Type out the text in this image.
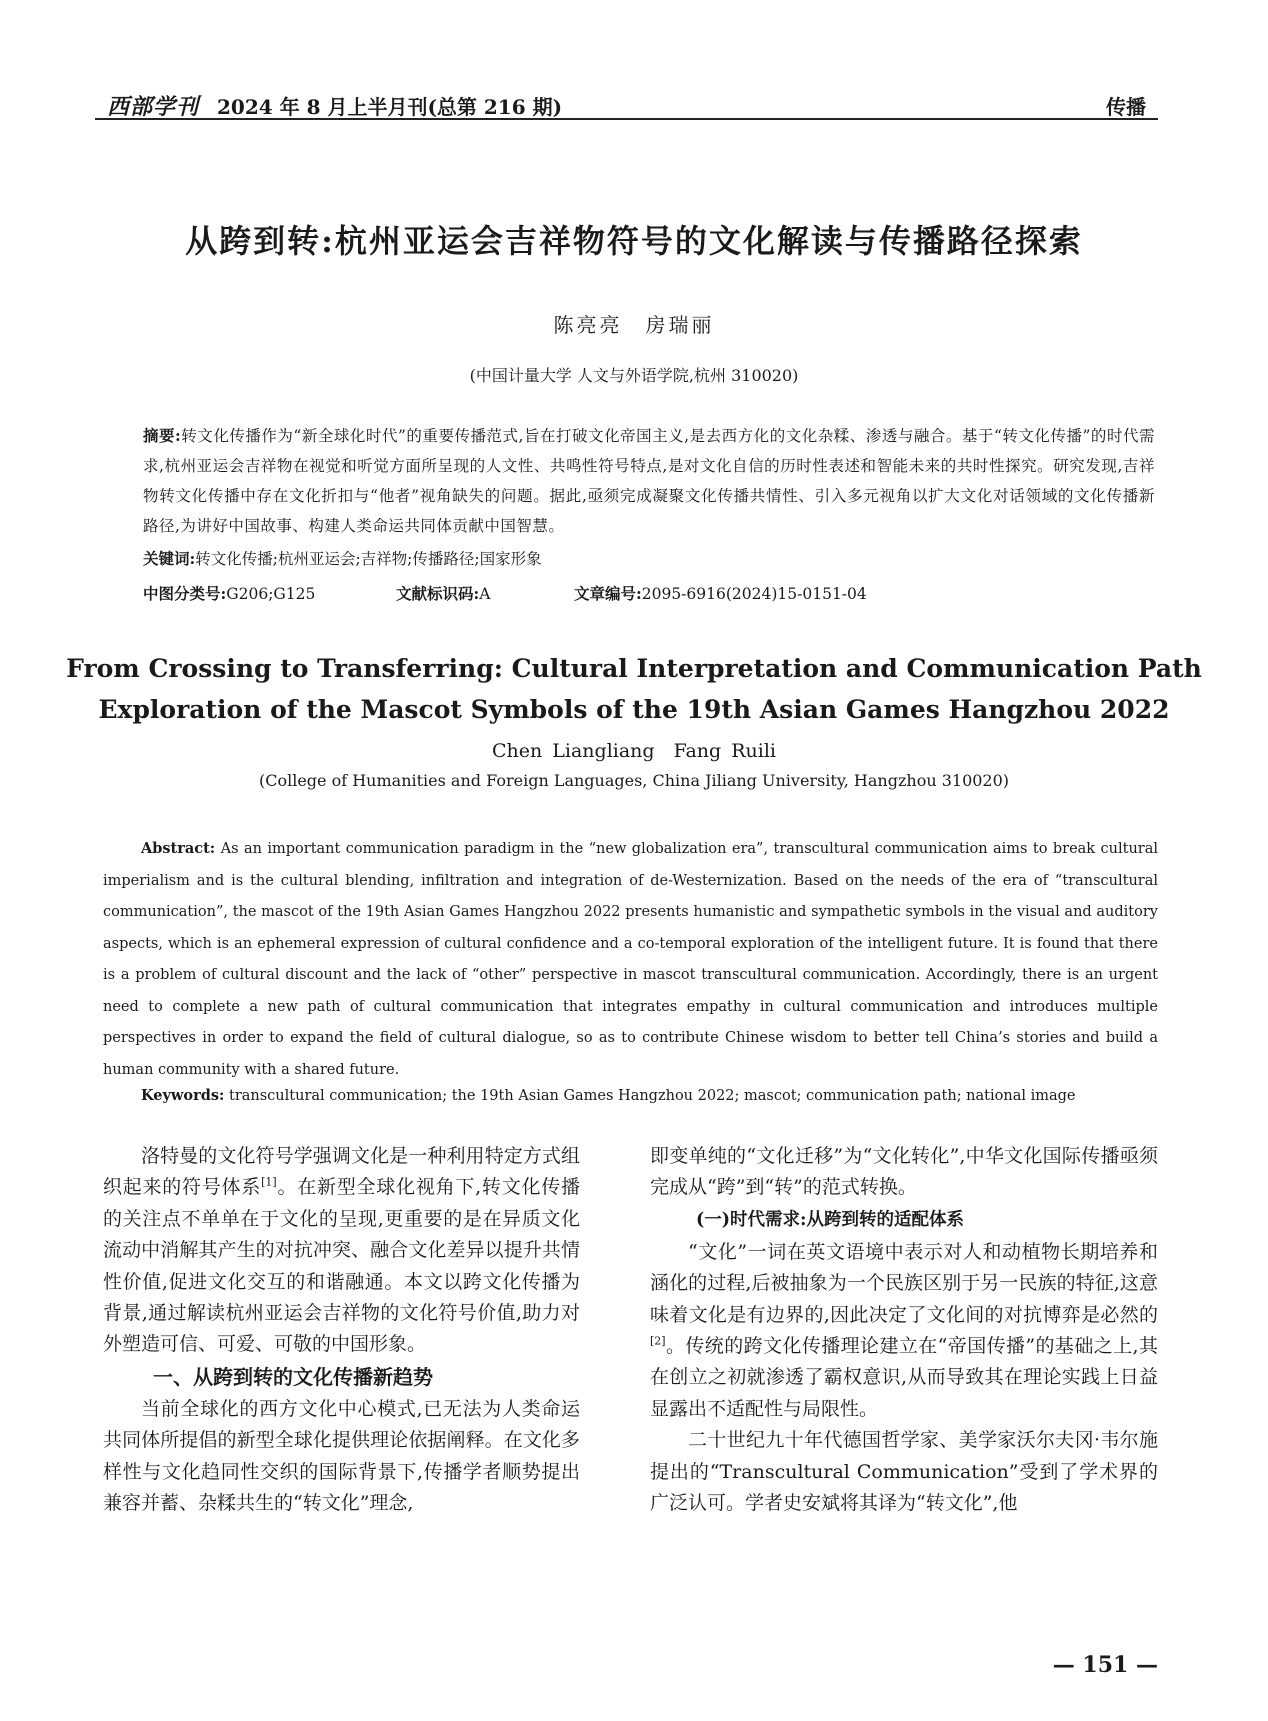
西部学刊 2024 年 8 月上半月刊(总第 216 期)	传播
从跨到转:杭州亚运会吉祥物符号的文化解读与传播路径探索
陈亮亮　房瑞丽
(中国计量大学 人文与外语学院,杭州 310020)
摘要:转文化传播作为“新全球化时代”的重要传播范式,旨在打破文化帝国主义,是去西方化的文化杂糅、渗透与融合。基于“转文化传播”的时代需求,杭州亚运会吉祥物在视觉和听觉方面所呈现的人文性、共鸣性符号特点,是对文化自信的历时性表述和智能未来的共时性探究。研究发现,吉祥物转文化传播中存在文化折扣与“他者”视角缺失的问题。据此,亟须完成凝聚文化传播共情性、引入多元视角以扩大文化对话领域的文化传播新路径,为讲好中国故事、构建人类命运共同体贡献中国智慧。
关键词:转文化传播;杭州亚运会;吉祥物;传播路径;国家形象
中图分类号:G206;G125	文献标识码:A	文章编号:2095-6916(2024)15-0151-04
From Crossing to Transferring: Cultural Interpretation and Communication Path
Exploration of the Mascot Symbols of the 19th Asian Games Hangzhou 2022
Chen Liangliang　Fang Ruili
(College of Humanities and Foreign Languages, China Jiliang University, Hangzhou 310020)
Abstract: As an important communication paradigm in the “new globalization era”, transcultural communication aims to break cultural imperialism and is the cultural blending, infiltration and integration of de-Westernization. Based on the needs of the era of “transcultural communication”, the mascot of the 19th Asian Games Hangzhou 2022 presents humanistic and sympathetic symbols in the visual and auditory aspects, which is an ephemeral expression of cultural confidence and a co-temporal exploration of the intelligent future. It is found that there is a problem of cultural discount and the lack of “other” perspective in mascot transcultural communication. Accordingly, there is an urgent need to complete a new path of cultural communication that integrates empathy in cultural communication and introduces multiple perspectives in order to expand the field of cultural dialogue, so as to contribute Chinese wisdom to better tell China’s stories and build a human community with a shared future.
Keywords: transcultural communication; the 19th Asian Games Hangzhou 2022; mascot; communication path; national image

洛特曼的文化符号学强调文化是一种利用特定方式组织起来的符号体系[1]。在新型全球化视角下,转文化传播的关注点不单单在于文化的呈现,更重要的是在异质文化流动中消解其产生的对抗冲突、融合文化差异以提升共情性价值,促进文化交互的和谐融通。本文以跨文化传播为背景,通过解读杭州亚运会吉祥物的文化符号价值,助力对外塑造可信、可爱、可敬的中国形象。

一、从跨到转的文化传播新趋势

当前全球化的西方文化中心模式,已无法为人类命运共同体所提倡的新型全球化提供理论依据阐释。在文化多样性与文化趋同性交织的国际背景下,传播学者顺势提出兼容并蓄、杂糅共生的“转文化”理念,

即变单纯的“文化迁移”为“文化转化”,中华文化国际传播亟须完成从“跨”到“转”的范式转换。

(一)时代需求:从跨到转的适配体系

“文化”一词在英文语境中表示对人和动植物长期培养和涵化的过程,后被抽象为一个民族区别于另一民族的特征,这意味着文化是有边界的,因此决定了文化间的对抗博弈是必然的[2]。传统的跨文化传播理论建立在“帝国传播”的基础之上,其在创立之初就渗透了霸权意识,从而导致其在理论实践上日益显露出不适配性与局限性。

二十世纪九十年代德国哲学家、美学家沃尔夫冈·韦尔施提出的“Transcultural Communication”受到了学术界的广泛认可。学者史安斌将其译为“转文化”,他

— 151 —
